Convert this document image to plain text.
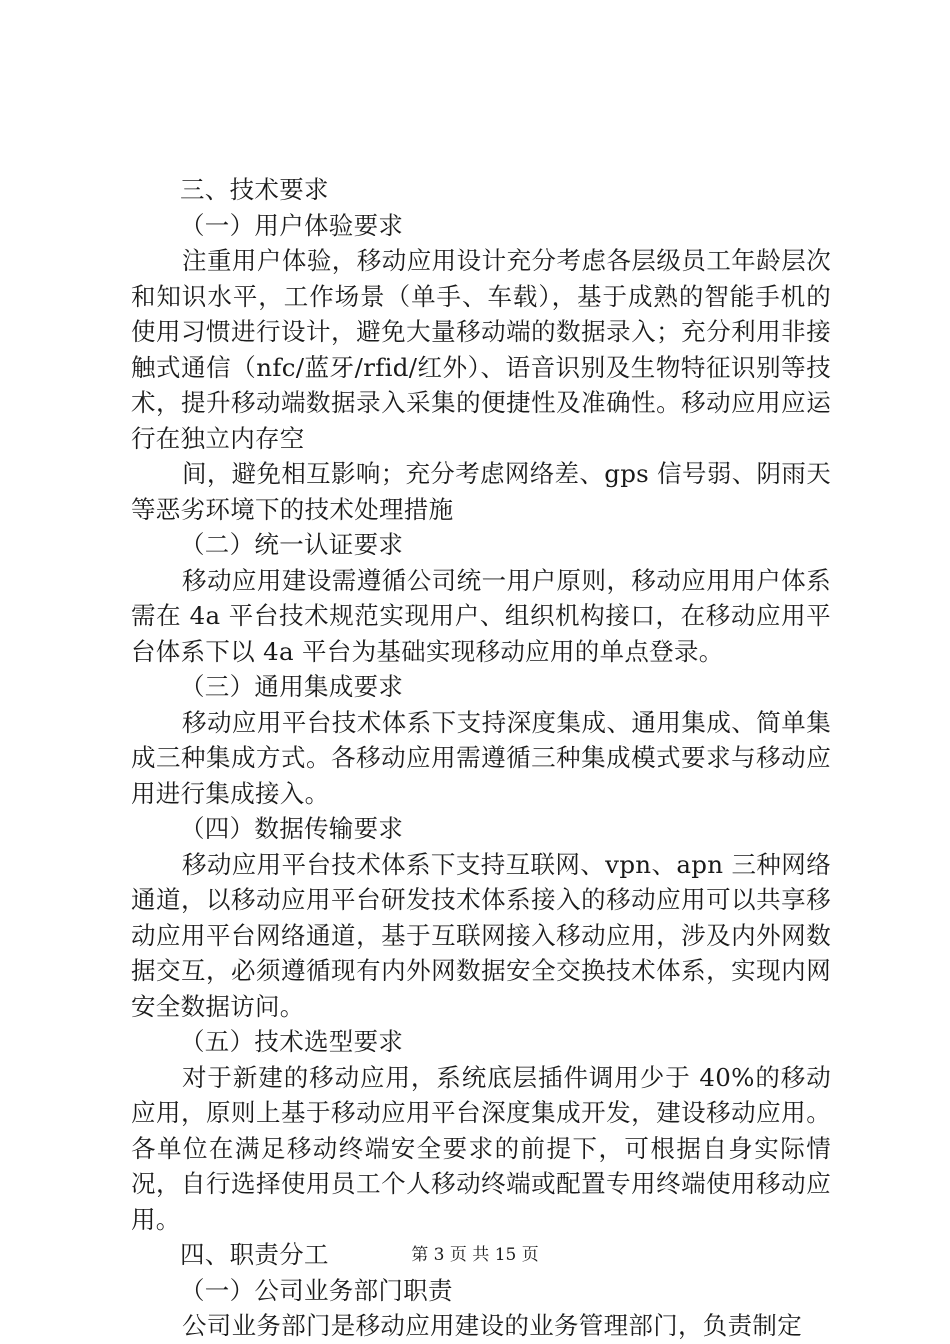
三、技术要求

（一）用户体验要求

注重用户体验，移动应用设计充分考虑各层级员工年龄层次和知识水平，工作场景（单手、车载），基于成熟的智能手机的使用习惯进行设计，避免大量移动端的数据录入；充分利用非接触式通信（nfc/蓝牙/rfid/红外）、语音识别及生物特征识别等技术，提升移动端数据录入采集的便捷性及准确性。移动应用应运行在独立内存空

间，避免相互影响；充分考虑网络差、gps 信号弱、阴雨天等恶劣环境下的技术处理措施

（二）统一认证要求

移动应用建设需遵循公司统一用户原则，移动应用用户体系需在 4a 平台技术规范实现用户、组织机构接口，在移动应用平台体系下以 4a 平台为基础实现移动应用的单点登录。

（三）通用集成要求

移动应用平台技术体系下支持深度集成、通用集成、简单集成三种集成方式。各移动应用需遵循三种集成模式要求与移动应用进行集成接入。

（四）数据传输要求

移动应用平台技术体系下支持互联网、vpn、apn 三种网络通道，以移动应用平台研发技术体系接入的移动应用可以共享移动应用平台网络通道，基于互联网接入移动应用，涉及内外网数据交互，必须遵循现有内外网数据安全交换技术体系，实现内网安全数据访问。

（五）技术选型要求

对于新建的移动应用，系统底层插件调用少于 40%的移动应用，原则上基于移动应用平台深度集成开发，建设移动应用。各单位在满足移动终端安全要求的前提下，可根据自身实际情况，自行选择使用员工个人移动终端或配置专用终端使用移动应用。

四、职责分工

（一）公司业务部门职责

公司业务部门是移动应用建设的业务管理部门，负责制定

第 3 页 共 15 页
